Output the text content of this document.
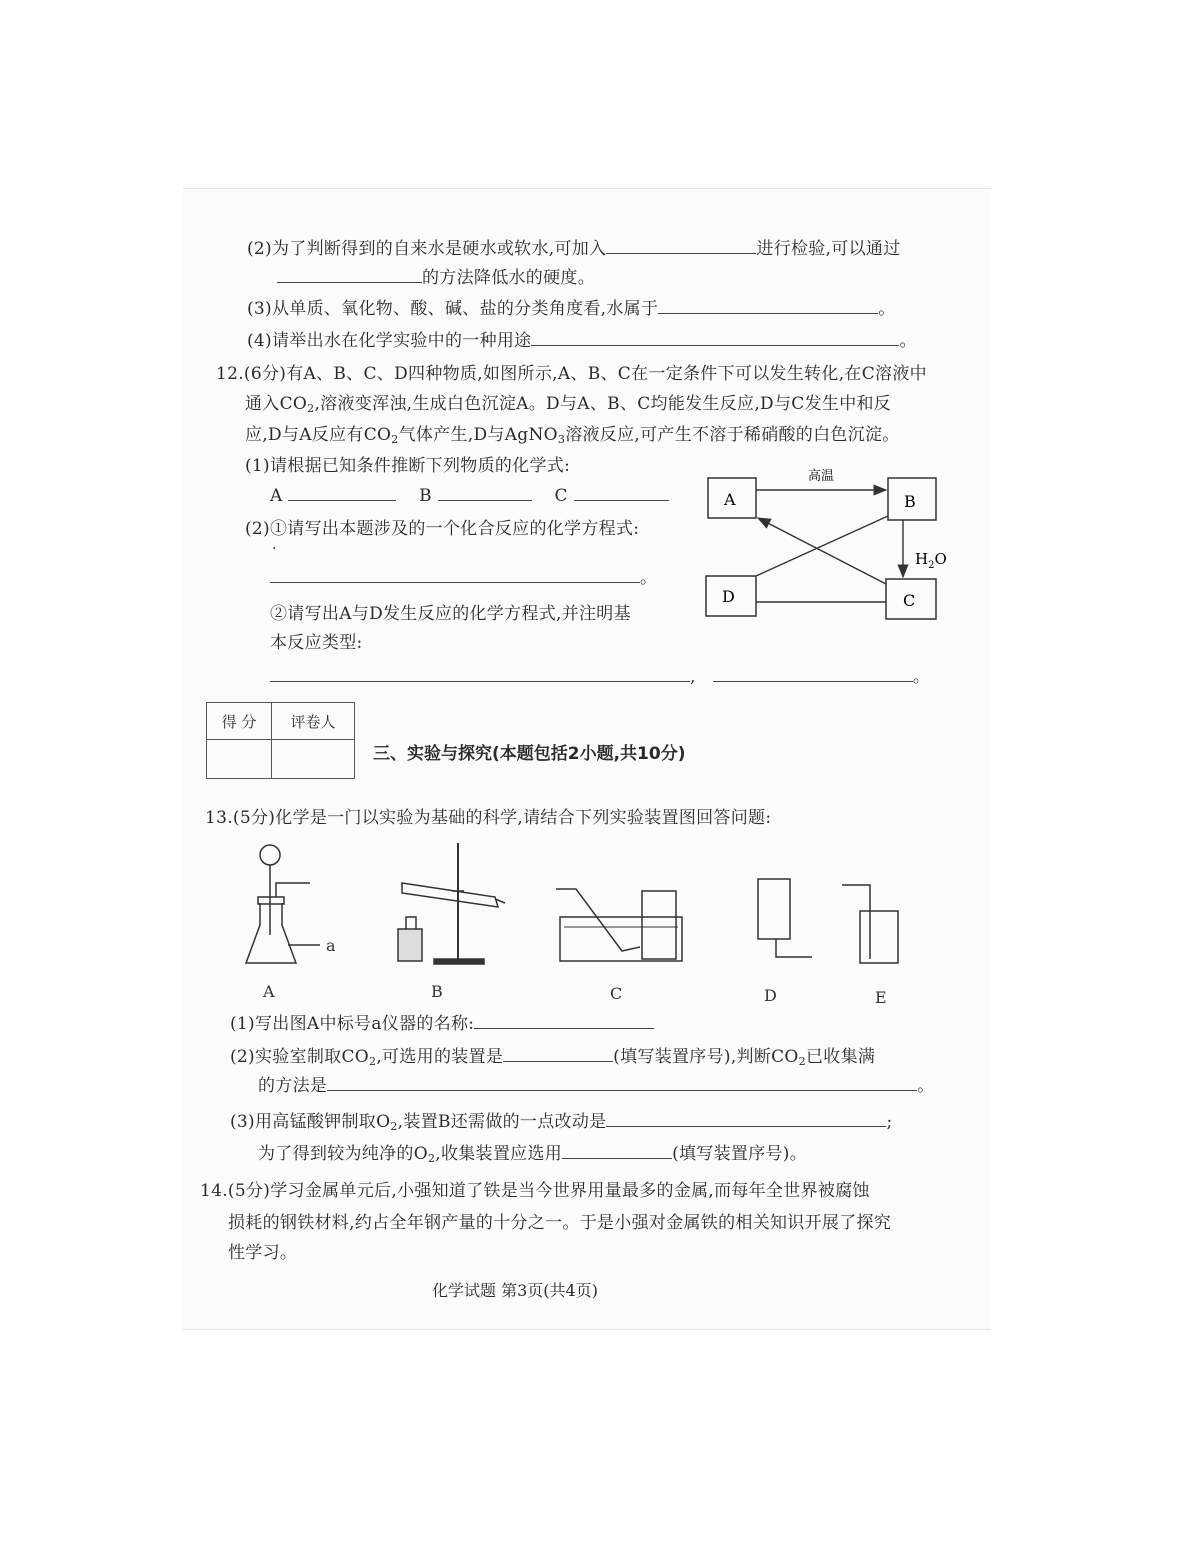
(2)为了判断得到的自来水是硬水或软水,可加入	进行检验,可以通过
的方法降低水的硬度。
(3)从单质、氧化物、酸、碱、盐的分类角度看,水属于	。
(4)请举出水在化学实验中的一种用途	。
12.(6分)有A、B、C、D四种物质,如图所示,A、B、C在一定条件下可以发生转化,在C溶液中
通入$CO_2$,溶液变浑浊,生成白色沉淀A。D与A、B、C均能发生反应,D与C发生中和反
应,D与A反应有$CO_2$气体产生,D与AgNO$_3$溶液反应,可产生不溶于稀硝酸的白色沉淀。
(1)请根据已知条件推断下列物质的化学式:
A	B	C
(2)①请写出本题涉及的一个化合反应的化学方程式:
·
。
②请写出A与D发生反应的化学方程式,并注明基
本反应类型:
,	。
A	B
C
D
高温
$H_2O$
得 分	评卷人

三、实验与探究(本题包括2小题,共10分)
13.(5分)化学是一门以实验为基础的科学,请结合下列实验装置图回答问题:
a
A	B	C	D	E
(1)写出图A中标号a仪器的名称:
(2)实验室制取$CO_2$,可选用的装置是	(填写装置序号),判断$CO_2$已收集满
的方法是	。
(3)用高锰酸钾制取$O_2$,装置B还需做的一点改动是	;
为了得到较为纯净的$O_2$,收集装置应选用	(填写装置序号)。
14.(5分)学习金属单元后,小强知道了铁是当今世界用量最多的金属,而每年全世界被腐蚀
损耗的钢铁材料,约占全年钢产量的十分之一。于是小强对金属铁的相关知识开展了探究
性学习。
化学试题 第3页(共4页)
